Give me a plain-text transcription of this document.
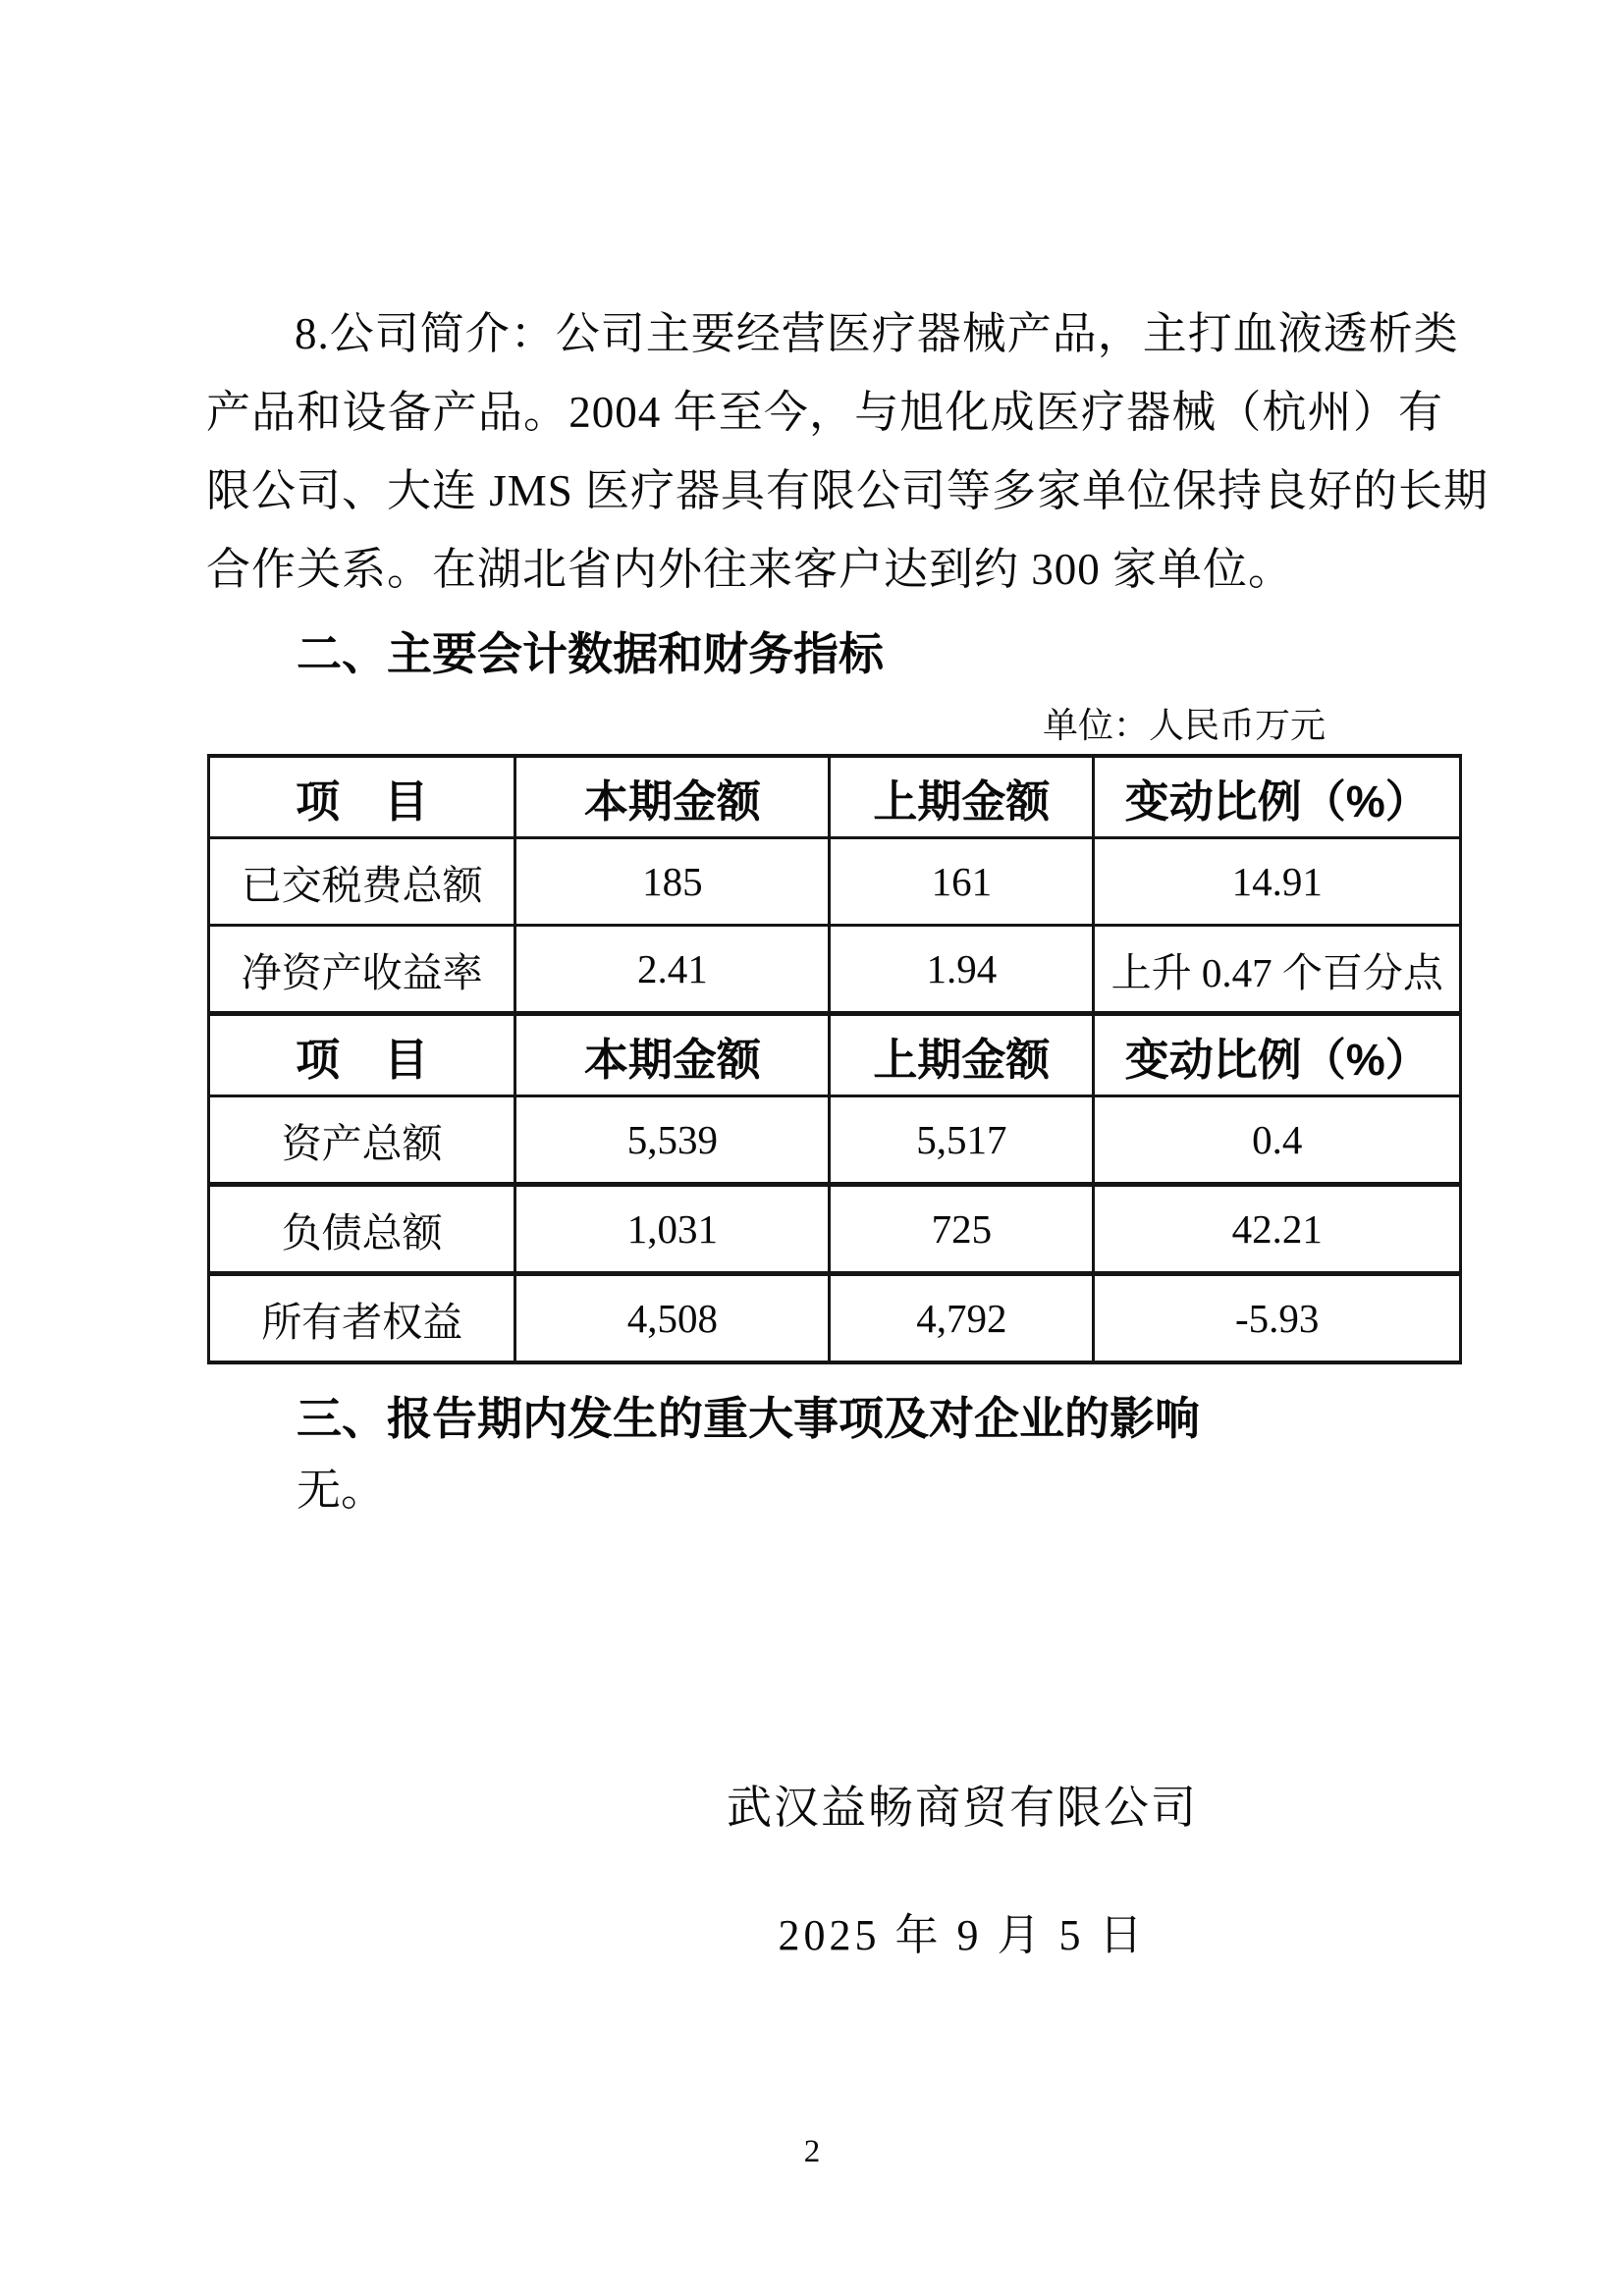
8.公司简介：公司主要经营医疗器械产品，主打血液透析类
产品和设备产品。2004 年至今，与旭化成医疗器械（杭州）有
限公司、大连 JMS 医疗器具有限公司等多家单位保持良好的长期
合作关系。在湖北省内外往来客户达到约 300 家单位。
二、主要会计数据和财务指标
单位：人民币万元
项　目	本期金额	上期金额	变动比例（%）
已交税费总额	185	161	14.91
净资产收益率	2.41	1.94	上升 0.47 个百分点
项　目	本期金额	上期金额	变动比例（%）
资产总额	5,539	5,517	0.4
负债总额	1,031	725	42.21
所有者权益	4,508	4,792	-5.93
三、报告期内发生的重大事项及对企业的影响
无。
武汉益畅商贸有限公司
2025 年 9 月 5 日
2
